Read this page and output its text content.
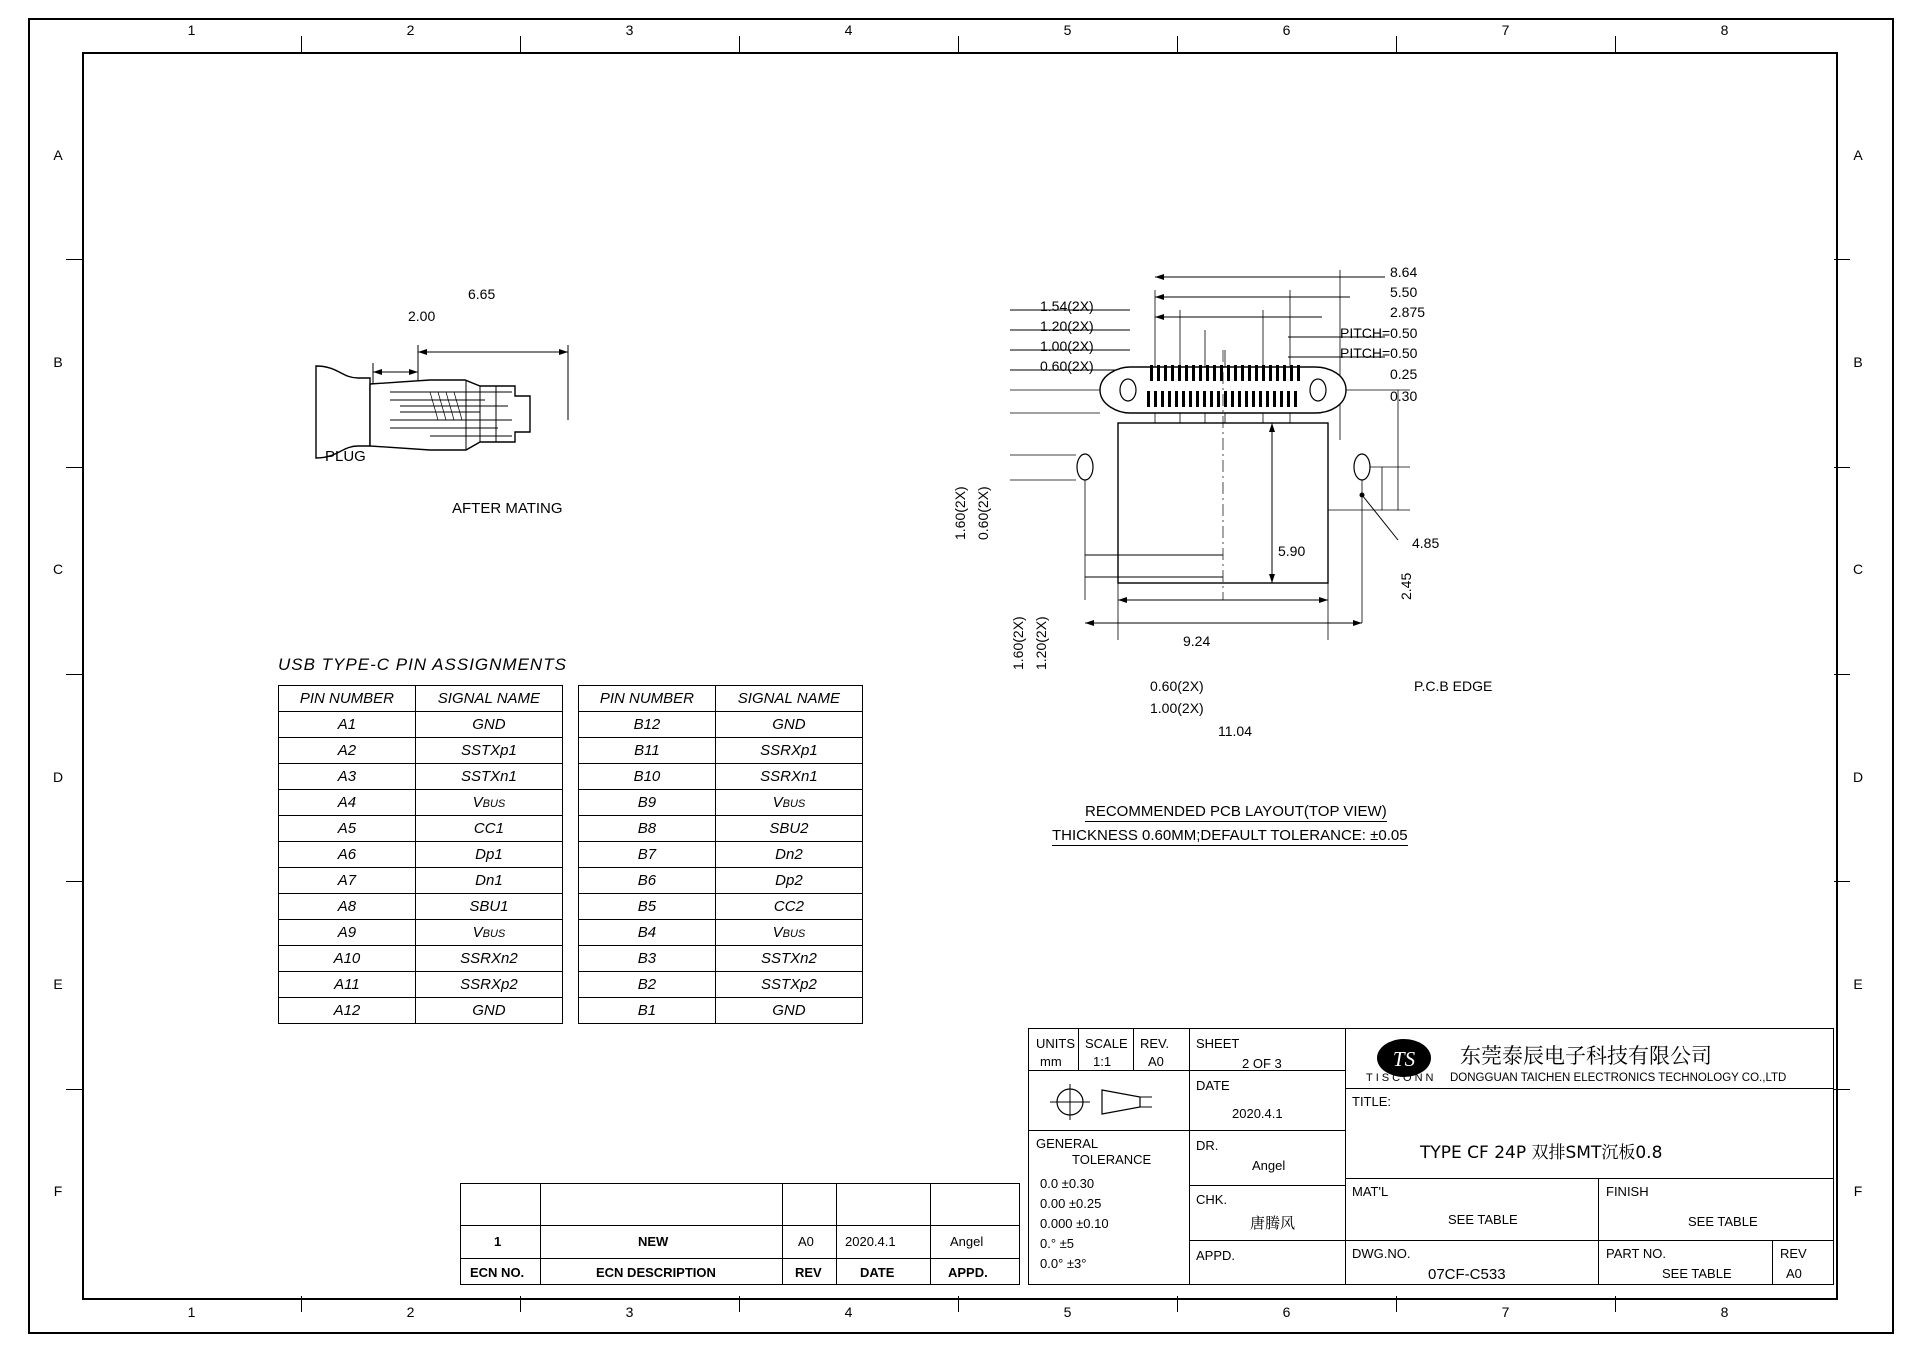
1
1
2
2
3
3
4
4
5
5
6
6
7
7
8
8
A	A
B	B
C	C
D	D
E	E
F	F
6.65
2.00
PLUG
AFTER MATING
8.64
5.50
2.875
PITCH=0.50
PITCH=0.50
0.25
0.30
1.54(2X)
1.20(2X)
1.00(2X)
0.60(2X)
1.60(2X) 0.60(2X)
1.60(2X) 1.20(2X)
5.90	4.85
2.45
0.60(2X)
1.00(2X)
9.24
11.04
P.C.B EDGE
RECOMMENDED PCB LAYOUT(TOP VIEW)
THICKNESS 0.60MM;DEFAULT TOLERANCE: ±0.05
USB TYPE-C PIN ASSIGNMENTS
PIN NUMBER	SIGNAL NAME
A1	GND
A2	SSTXp1
A3	SSTXn1
A4	VBUS
A5	CC1
A6	Dp1
A7	Dn1
A8	SBU1
A9	VBUS
A10	SSRXn2
A11	SSRXp2
A12	GND
PIN NUMBER	SIGNAL NAME
B12	GND
B11	SSRXp1
B10	SSRXn1
B9	VBUS
B8	SBU2
B7	Dn2
B6	Dp2
B5	CC2
B4	VBUS
B3	SSTXn2
B2	SSTXp2
B1	GND
ECN NO.	ECN DESCRIPTION	REV	DATE	APPD.
1	NEW	A0 2020.4.1	Angel
UNITS
mm
SCALE
1:1
REV.
A0
SHEET
2 OF 3
GENERAL
TOLERANCE
0.0 ±0.30
0.00 ±0.25
0.000 ±0.10
0.° ±5
0.0° ±3°
DATE
2020.4.1
DR.
Angel
CHK.
唐腾风
APPD.
TS
TISCONN
东莞泰辰电子科技有限公司
DONGGUAN TAICHEN ELECTRONICS TECHNOLOGY CO.,LTD
TITLE:
TYPE CF 24P 双排SMT沉板0.8
MAT'L
SEE TABLE
FINISH
SEE TABLE
DWG.NO.
07CF-C533
PART NO.
SEE TABLE
REV
A0
